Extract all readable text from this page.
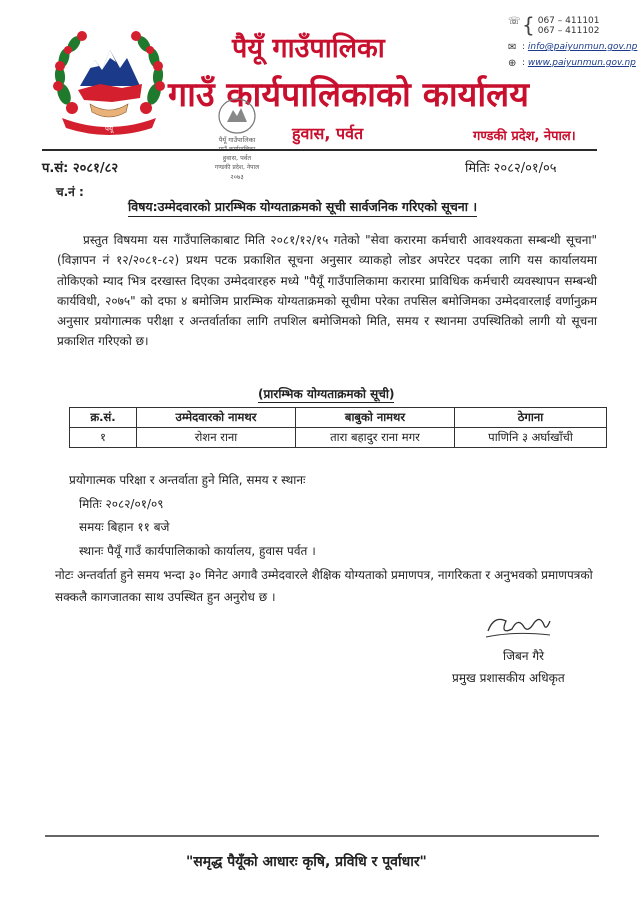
पैयूँ
पैयूँ गाउँपालिका
गाउँ कार्यपालिकाको कार्यालय
हुवास, पर्वत	गण्डकी प्रदेश, नेपाल।
☏ { 067 – 411101
067 – 411102
✉ : info@paiyunmun.gov.np
⊕ : www.paiyunmun.gov.np
पैयूँ गाउँपालिका
हुवास, पर्वत
गण्डकी प्रदेश, नेपाल
२०७३
प.सं: २०८१/८२
च.नं :
मितिः २०८२/०१/०५
विषय:उम्मेदवारको प्रारम्भिक योग्यताक्रमको सूची सार्वजनिक गरिएको सूचना ।

प्रस्तुत विषयमा यस गाउँपालिकाबाट मिति २०८१/१२/१५ गतेको "सेवा करारमा कर्मचारी आवश्यकता सम्बन्धी सूचना" (विज्ञापन नं १२/२०८१-८२) प्रथम पटक प्रकाशित सूचना अनुसार व्याकहो लोडर अपरेटर पदका लागि यस कार्यालयमा तोकिएको म्याद भित्र दरखास्त दिएका उम्मेदवारहरु मध्ये "पैयूँ गाउँपालिकामा करारमा प्राविधिक कर्मचारी व्यवस्थापन सम्बन्धी कार्यविधी, २०७५" को दफा ४ बमोजिम प्रारम्भिक योग्यताक्रमको सूचीमा परेका तपसिल बमोजिमका उम्मेदवारलाई वर्णानुक्रम अनुसार प्रयोगात्मक परीक्षा र अन्तर्वार्ताका लागि तपशिल बमोजिमको मिति, समय र स्थानमा उपस्थितिको लागी यो सूचना प्रकाशित गरिएको छ।

(प्रारम्भिक योग्यताक्रमको सूची)
क्र.सं.	उम्मेदवारको नामथर	बाबुको नामथर	ठेगाना
१	रोशन राना	तारा बहादुर राना मगर	पाणिनि ३ अर्घाखाँची
प्रयोगात्मक परिक्षा र अन्तर्वाता हुने मिति, समय र स्थानः
मितिः २०८२/०१/०९
समयः बिहान ११ बजे
स्थानः पैयूँ गाउँ कार्यपालिकाको कार्यालय, हुवास पर्वत ।

नोटः अन्तर्वार्ता हुने समय भन्दा ३० मिनेट अगावै उम्मेदवारले शैक्षिक योग्यताको प्रमाणपत्र, नागरिकता र अनुभवको प्रमाणपत्रको सक्कलै कागजातका साथ उपस्थित हुन अनुरोध छ ।

जिबन गैरे
प्रमुख प्रशासकीय अधिकृत
"समृद्ध पैयूँको आधारः कृषि, प्रविधि र पूर्वाधार"
